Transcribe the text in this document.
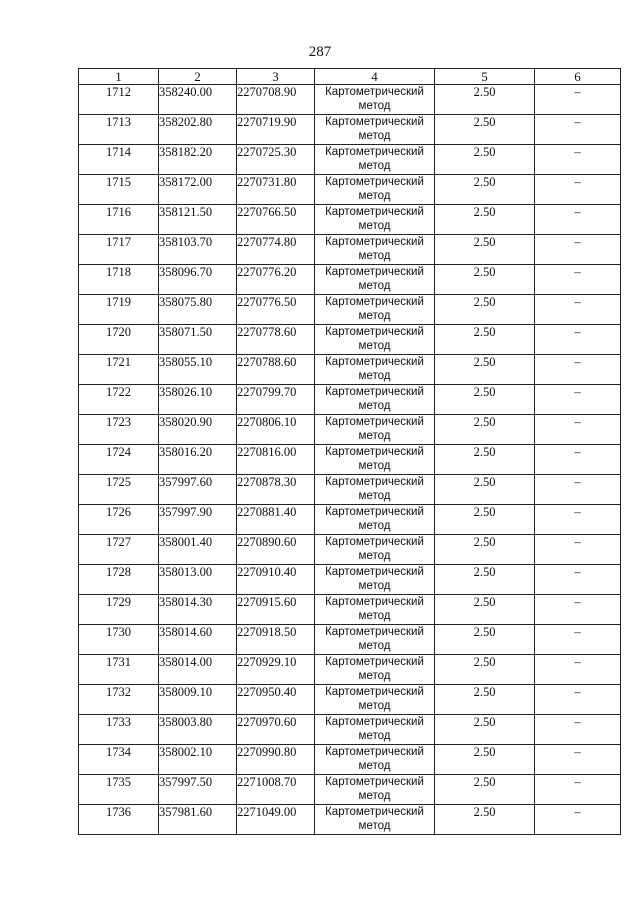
287
1	2	3	4	5	6
1712	358240.00	2270708.90	Картометрический метод	2.50	–
1713	358202.80	2270719.90	Картометрический метод	2.50	–
1714	358182.20	2270725.30	Картометрический метод	2.50	–
1715	358172.00	2270731.80	Картометрический метод	2.50	–
1716	358121.50	2270766.50	Картометрический метод	2.50	–
1717	358103.70	2270774.80	Картометрический метод	2.50	–
1718	358096.70	2270776.20	Картометрический метод	2.50	–
1719	358075.80	2270776.50	Картометрический метод	2.50	–
1720	358071.50	2270778.60	Картометрический метод	2.50	–
1721	358055.10	2270788.60	Картометрический метод	2.50	–
1722	358026.10	2270799.70	Картометрический метод	2.50	–
1723	358020.90	2270806.10	Картометрический метод	2.50	–
1724	358016.20	2270816.00	Картометрический метод	2.50	–
1725	357997.60	2270878.30	Картометрический метод	2.50	–
1726	357997.90	2270881.40	Картометрический метод	2.50	–
1727	358001.40	2270890.60	Картометрический метод	2.50	–
1728	358013.00	2270910.40	Картометрический метод	2.50	–
1729	358014.30	2270915.60	Картометрический метод	2.50	–
1730	358014.60	2270918.50	Картометрический метод	2.50	–
1731	358014.00	2270929.10	Картометрический метод	2.50	–
1732	358009.10	2270950.40	Картометрический метод	2.50	–
1733	358003.80	2270970.60	Картометрический метод	2.50	–
1734	358002.10	2270990.80	Картометрический метод	2.50	–
1735	357997.50	2271008.70	Картометрический метод	2.50	–
1736	357981.60	2271049.00	Картометрический метод	2.50	–
